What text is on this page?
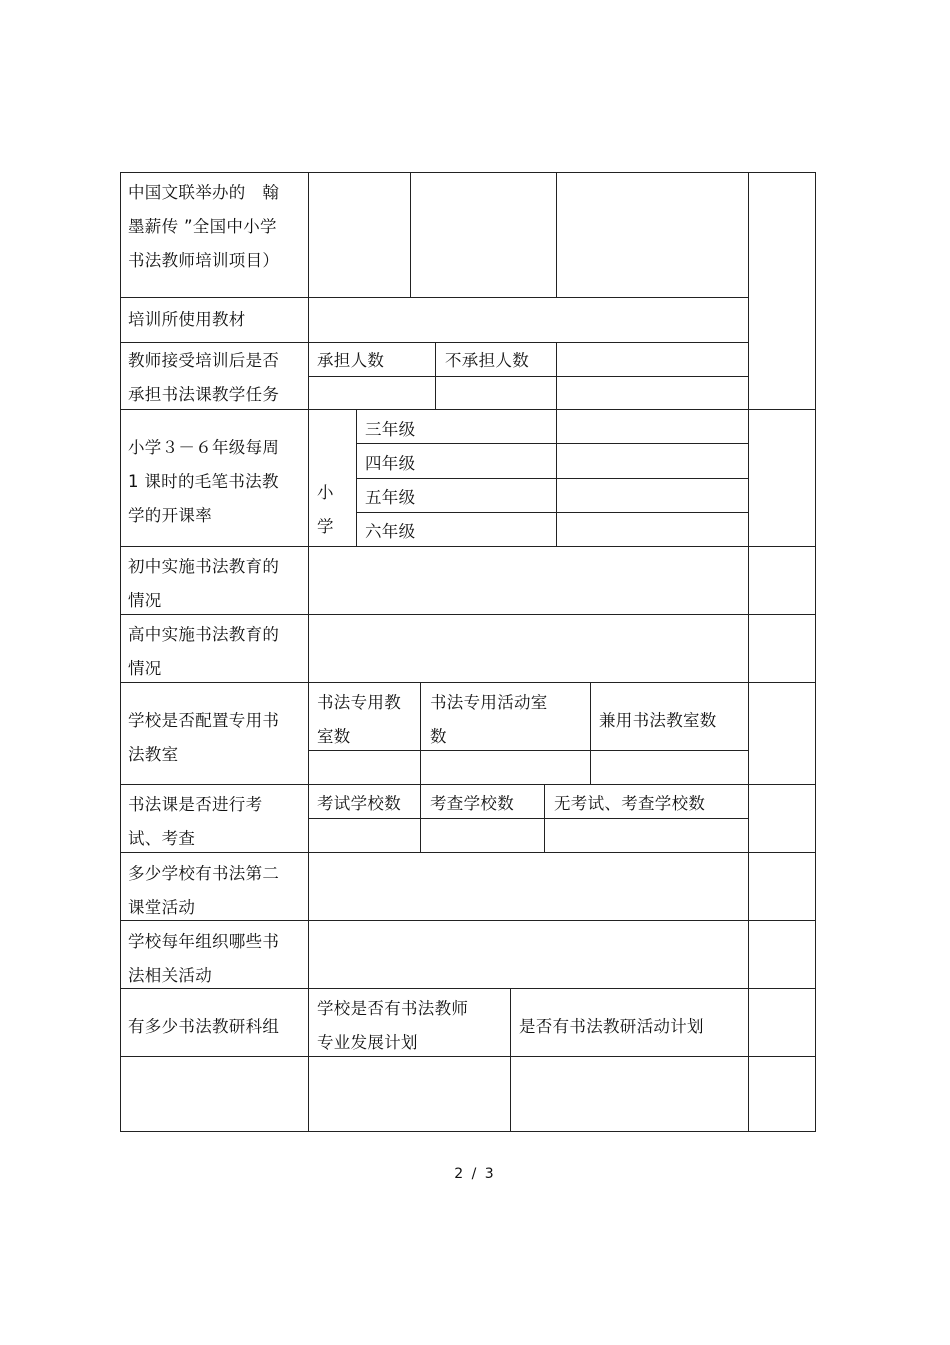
中国文联举办的　翰
墨薪传 ”全国中小学
书法教师培训项目）
培训所使用教材
教师接受培训后是否
承担书法课教学任务
承担人数	不承担人数
小学３－６年级每周
1 课时的毛笔书法教
学的开课率
小
学
三年级
四年级
五年级
六年级
初中实施书法教育的
情况
高中实施书法教育的
情况
学校是否配置专用书
法教室
书法专用教
室数
书法专用活动室
数
兼用书法教室数
书法课是否进行考
试、考查
考试学校数 考查学校数 无考试、考查学校数
多少学校有书法第二
课堂活动
学校每年组织哪些书
法相关活动
有多少书法教研科组
学校是否有书法教师
专业发展计划
是否有书法教研活动计划
2 / 3
